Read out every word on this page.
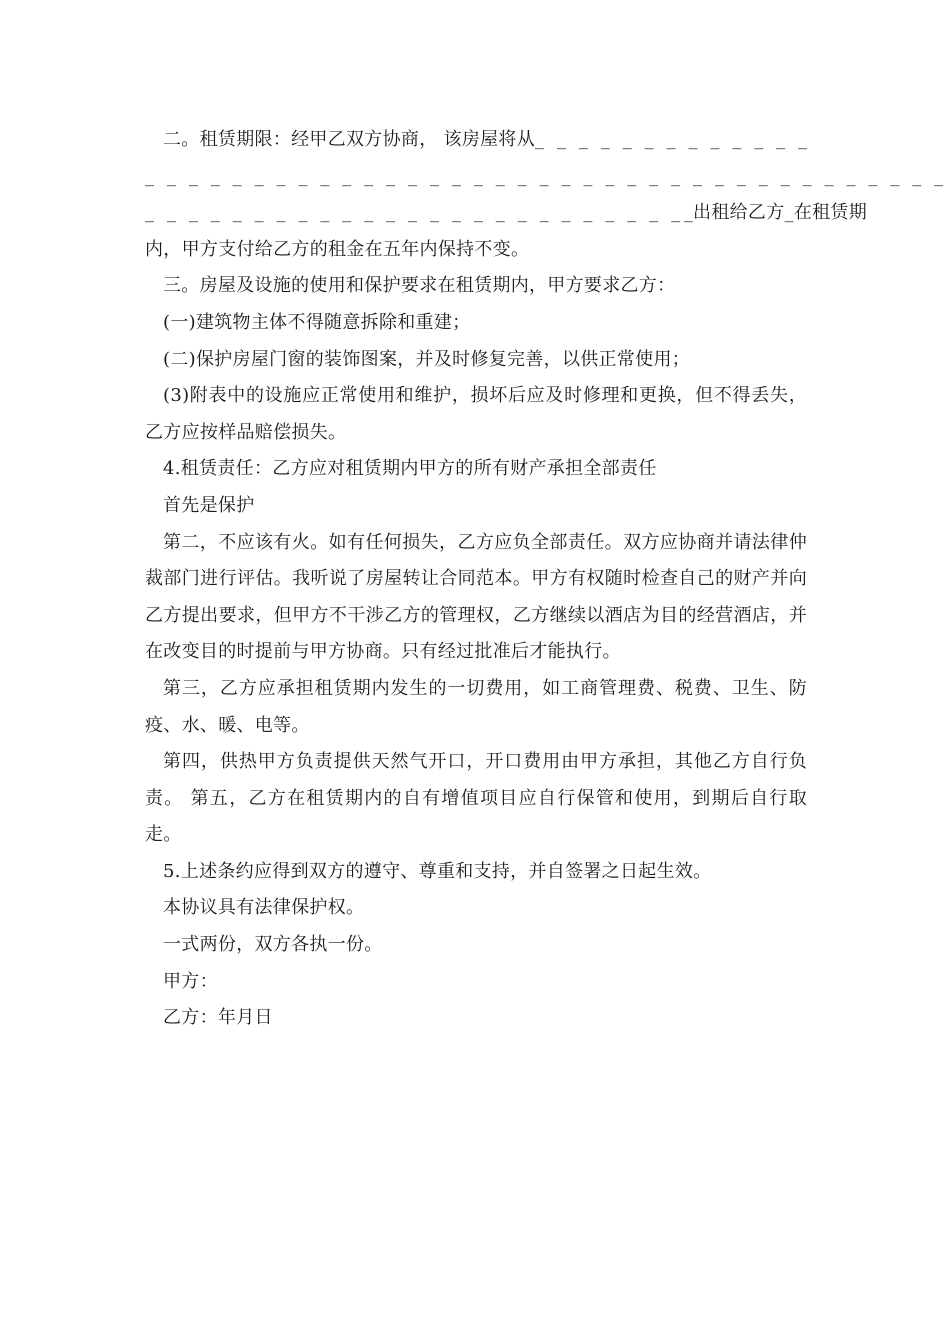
二。租赁期限：经甲乙双方协商， 该房屋将从_ _ _ _ _ _ _ _ _ _ _ _ _
_ _ _ _ _ _ _ _ _ _ _ _ _ _ _ _ _ _ _ _ _ _ _ _ _ _ _ _ _ _ _ _ _ _ _ _ _
_ _ _ _ _ _ _ _ _ _ _ _ _ _ _ _ _ _ _ _ _ _ _ _ __出租给乙方_在租赁期
内，甲方支付给乙方的租金在五年内保持不变。

三。房屋及设施的使用和保护要求在租赁期内，甲方要求乙方：

(一)建筑物主体不得随意拆除和重建；

(二)保护房屋门窗的装饰图案，并及时修复完善，以供正常使用；

(3)附表中的设施应正常使用和维护，损坏后应及时修理和更换，但不得丢失，乙方应按样品赔偿损失。

4.租赁责任：乙方应对租赁期内甲方的所有财产承担全部责任

首先是保护

第二，不应该有火。如有任何损失，乙方应负全部责任。双方应协商并请法律仲裁部门进行评估。我听说了房屋转让合同范本。甲方有权随时检查自己的财产并向乙方提出要求，但甲方不干涉乙方的管理权，乙方继续以酒店为目的经营酒店，并在改变目的时提前与甲方协商。只有经过批准后才能执行。

第三，乙方应承担租赁期内发生的一切费用，如工商管理费、税费、卫生、防疫、水、暖、电等。

第四，供热甲方负责提供天然气开口，开口费用由甲方承担，其他乙方自行负责。 第五，乙方在租赁期内的自有增值项目应自行保管和使用，到期后自行取走。

5.上述条约应得到双方的遵守、尊重和支持，并自签署之日起生效。

本协议具有法律保护权。

一式两份，双方各执一份。

甲方：

乙方：年月日
